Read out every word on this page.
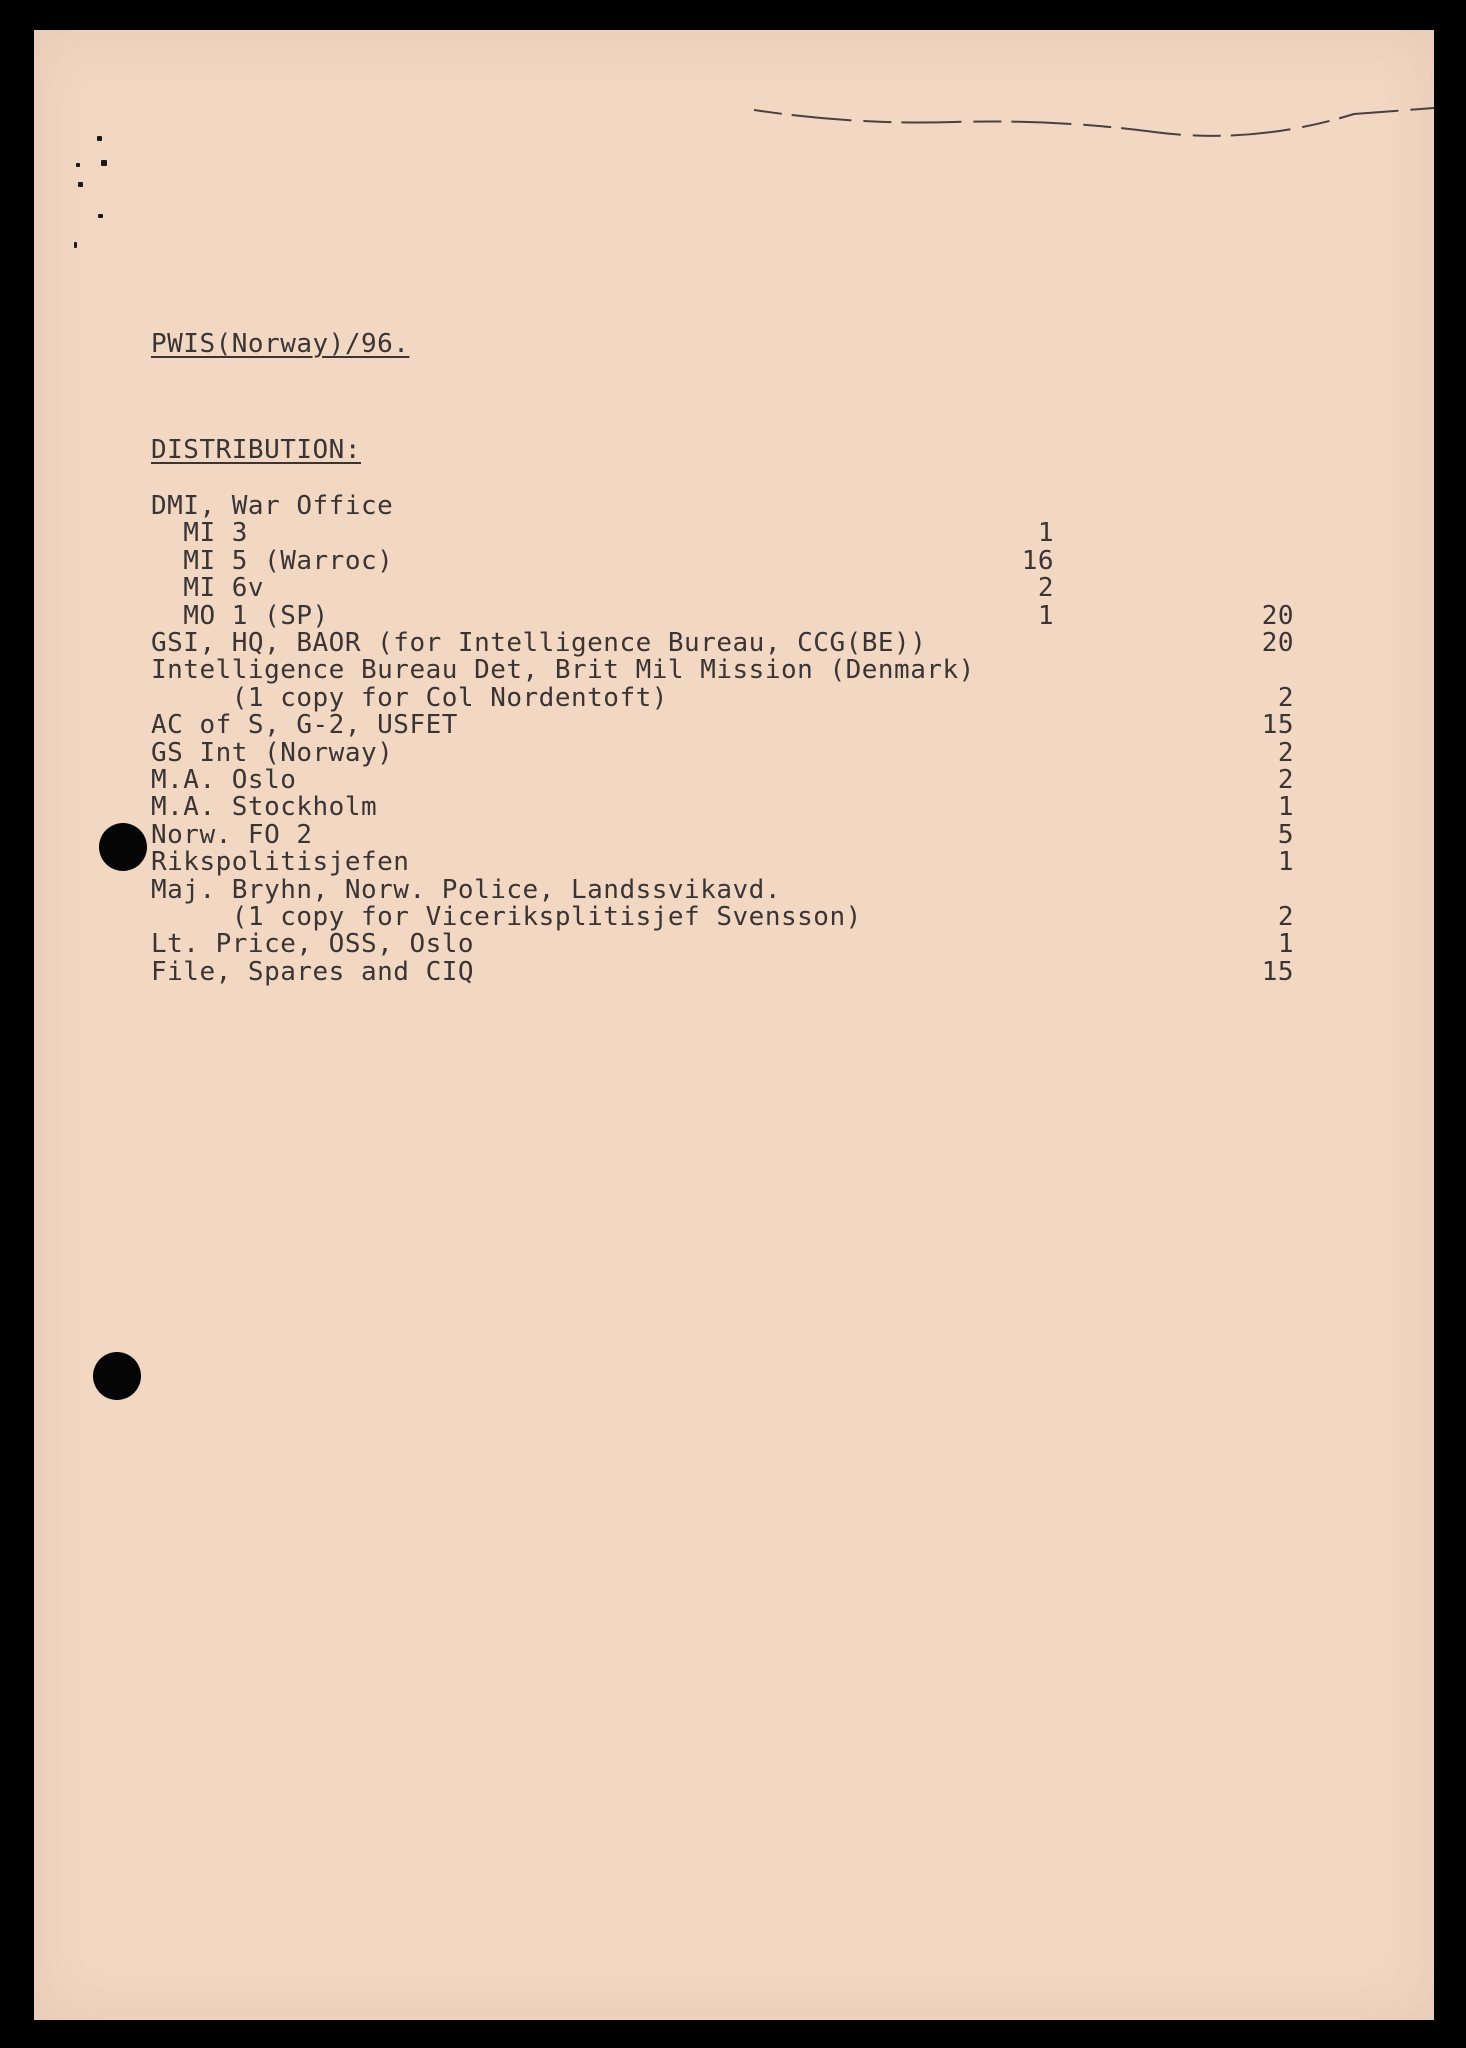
PWIS(Norway)/96.
DISTRIBUTION:
DMI, War Office
MI 3	1
MI 5 (Warroc)	16
MI 6v	2
MO 1 (SP)	1	20
GSI, HQ, BAOR (for Intelligence Bureau, CCG(BE))	20
Intelligence Bureau Det, Brit Mil Mission (Denmark)
(1 copy for Col Nordentoft)	2
AC of S, G-2, USFET	15
GS Int (Norway)	2
M.A. Oslo	2
M.A. Stockholm	1
Norw. FO 2	5
Rikspolitisjefen	1
Maj. Bryhn, Norw. Police, Landssvikavd.
(1 copy for Viceriksplitisjef Svensson)	2
Lt. Price, OSS, Oslo	1
File, Spares and CIQ	15
